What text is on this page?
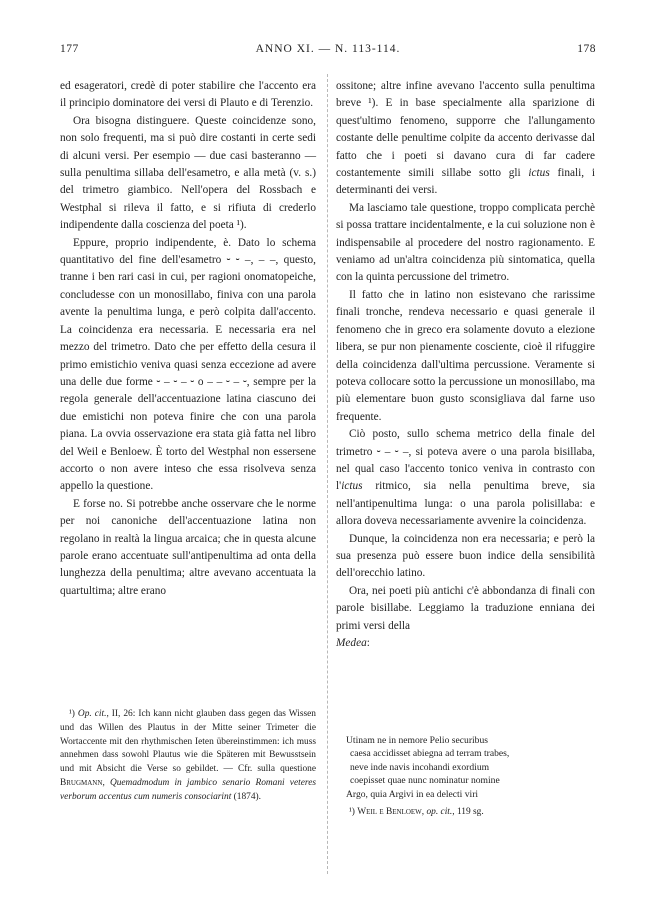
177	ANNO XI. — N. 113-114.	178

ed esageratori, credè di poter stabilire che l'accento era il principio dominatore dei versi di Plauto e di Terenzio.

Ora bisogna distinguere. Queste coincidenze sono, non solo frequenti, ma si può dire costanti in certe sedi di alcuni versi. Per esempio — due casi basteranno — sulla penultima sillaba dell'esametro, e alla metà (v. s.) del trimetro giambico. Nell'opera del Rossbach e Westphal si rileva il fatto, e si rifiuta di crederlo indipendente dalla coscienza del poeta ¹).

Eppure, proprio indipendente, è. Dato lo schema quantitativo del fine dell'esametro ⏑ ⏑ ‒, ‒ ‒, questo, tranne i ben rari casi in cui, per ragioni onomatopeiche, concludesse con un monosillabo, finiva con una parola avente la penultima lunga, e però colpita dall'accento. La coincidenza era necessaria. E necessaria era nel mezzo del trimetro. Dato che per effetto della cesura il primo emistichio veniva quasi senza eccezione ad avere una delle due forme ⏑ ‒ ⏑ ‒ ⏑ o ‒ ‒ ⏑ ‒ ⏑, sempre per la regola generale dell'accentuazione latina ciascuno dei due emistichi non poteva finire che con una parola piana. La ovvia osservazione era stata già fatta nel libro del Weil e Benloew. È torto del Westphal non essersene accorto o non avere inteso che essa risolveva senza appello la questione.

E forse no. Si potrebbe anche osservare che le norme per noi canoniche dell'accentuazione latina non regolano in realtà la lingua arcaica; che in questa alcune parole erano accentuate sull'antipenultima ad onta della lunghezza della penultima; altre avevano accentuata la quartultima; altre erano

¹) Op. cit., II, 26: Ich kann nicht glauben dass gegen das Wissen und das Willen des Plautus in der Mitte seiner Trimeter die Wortaccente mit den rhythmischen Ieten übereinstimmen: ich muss annehmen dass sowohl Plautus wie die Späteren mit Bewusstsein und mit Absicht die Verse so gebildet. — Cfr. sulla questione Brugmann, Quemadmodum in jambico senario Romani veteres verborum accentus cum numeris consociarint (1874).

ossitone; altre infine avevano l'accento sulla penultima breve ¹). E in base specialmente alla sparizione di quest'ultimo fenomeno, supporre che l'allungamento costante delle penultime colpite da accento derivasse dal fatto che i poeti si davano cura di far cadere costantemente simili sillabe sotto gli ictus finali, i determinanti dei versi.

Ma lasciamo tale questione, troppo complicata perchè si possa trattare incidentalmente, e la cui soluzione non è indispensabile al procedere del nostro ragionamento. E veniamo ad un'altra coincidenza più sintomatica, quella con la quinta percussione del trimetro.

Il fatto che in latino non esistevano che rarissime finali tronche, rendeva necessario e quasi generale il fenomeno che in greco era solamente dovuto a elezione libera, se pur non pienamente cosciente, cioè il rifuggire della coincidenza dall'ultima percussione. Veramente si poteva collocare sotto la percussione un monosillabo, ma più elementare buon gusto sconsigliava dal farne uso frequente.

Ciò posto, sullo schema metrico della finale del trimetro ⏑ ‒ ⏑ ‒, si poteva avere o una parola bisillaba, nel qual caso l'accento tonico veniva in contrasto con l'ictus ritmico, sia nella penultima breve, sia nell'antipenultima lunga: o una parola polisillaba: e allora doveva necessariamente avvenire la coincidenza.

Dunque, la coincidenza non era necessaria; e però la sua presenza può essere buon indice della sensibilità dell'orecchio latino.

Ora, nei poeti più antichi c'è abbondanza di finali con parole bisillabe. Leggiamo la traduzione enniana dei primi versi della
Medea:

Utinam ne in nemore Pelio securibus
caesa accidisset abiegna ad terram trabes,
neve inde navis incohandi exordium
coepisset quae nunc nominatur nomine
Argo, quia Argivi in ea delecti viri
¹) Weil e Benloew, op. cit., 119 sg.
